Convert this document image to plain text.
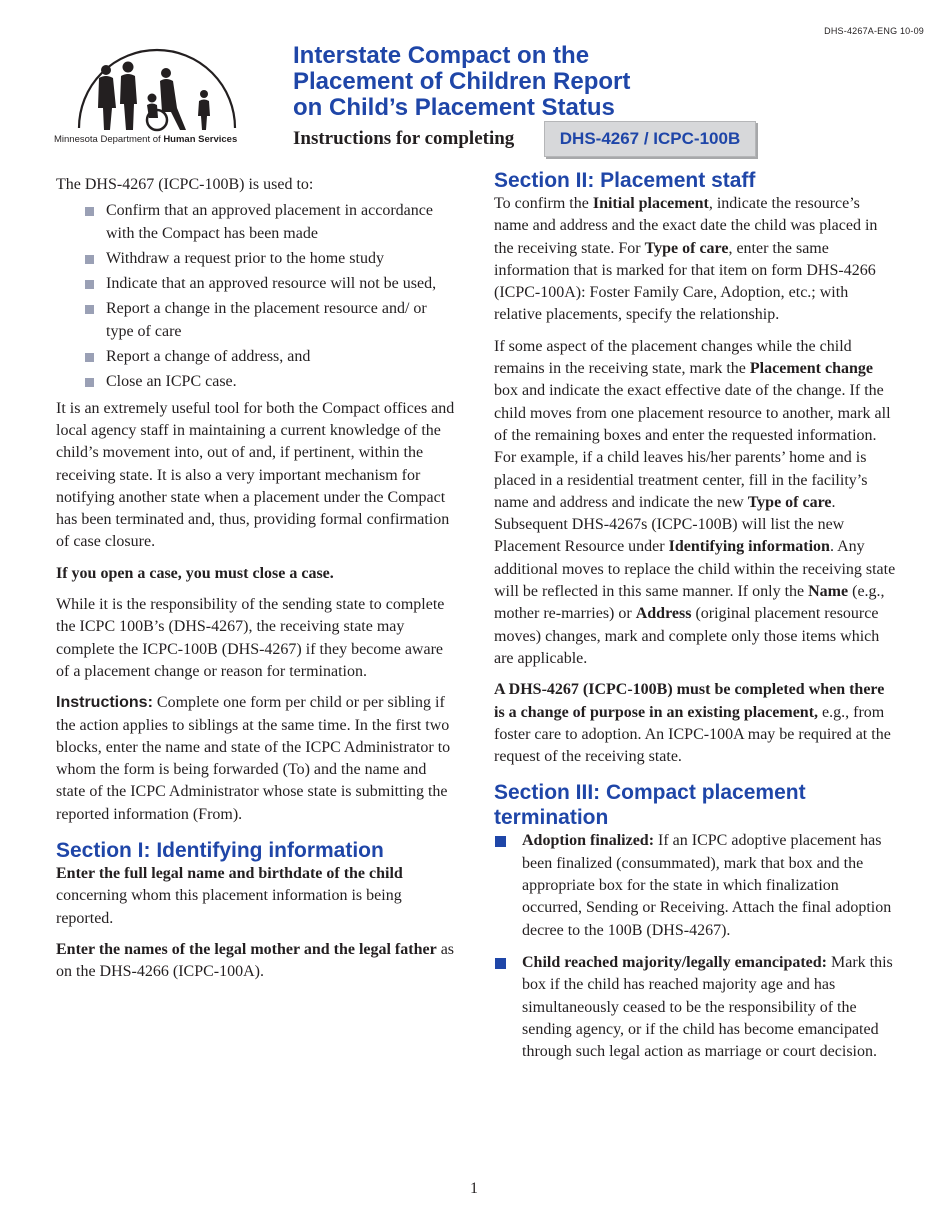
DHS-4267A-ENG 10-09
Minnesota Department of Human Services
Interstate Compact on the
Placement of Children Report
on Child’s Placement Status
Instructions for completing	DHS-4267 / ICPC-100B

The DHS-4267 (ICPC-100B) is used to:

Confirm that an approved placement in accordance with the Compact has been made
Withdraw a request prior to the home study
Indicate that an approved resource will not be used,
Report a change in the placement resource and/ or type of care
Report a change of address, and
Close an ICPC case.

It is an extremely useful tool for both the Compact offices and local agency staff in maintaining a current knowledge of the child’s movement into, out of and, if pertinent, within the receiving state. It is also a very important mechanism for notifying another state when a placement under the Compact has been terminated and, thus, providing formal confirmation of case closure.

If you open a case, you must close a case.

While it is the responsibility of the sending state to complete the ICPC 100B’s (DHS-4267), the receiving state may complete the ICPC-100B (DHS-4267) if they become aware of a placement change or reason for termination.

Instructions: Complete one form per child or per sibling if the action applies to siblings at the same time. In the first two blocks, enter the name and state of the ICPC Administrator to whom the form is being forwarded (To) and the name and state of the ICPC Administrator whose state is submitting the reported information (From).

Section I: Identifying information

Enter the full legal name and birthdate of the child concerning whom this placement information is being reported.

Enter the names of the legal mother and the legal father as on the DHS-4266 (ICPC-100A).

Section II: Placement staff

To confirm the Initial placement, indicate the resource’s name and address and the exact date the child was placed in the receiving state. For Type of care, enter the same information that is marked for that item on form DHS-4266 (ICPC-100A): Foster Family Care, Adoption, etc.; with relative placements, specify the relationship.

If some aspect of the placement changes while the child remains in the receiving state, mark the Placement change box and indicate the exact effective date of the change. If the child moves from one placement resource to another, mark all of the remaining boxes and enter the requested information. For example, if a child leaves his/her parents’ home and is placed in a residential treatment center, fill in the facility’s name and address and indicate the new Type of care. Subsequent DHS-4267s (ICPC-100B) will list the new Placement Resource under Identifying information. Any additional moves to replace the child within the receiving state will be reflected in this same manner. If only the Name (e.g., mother re-marries) or Address (original placement resource moves) changes, mark and complete only those items which are applicable.

A DHS-4267 (ICPC-100B) must be completed when there is a change of purpose in an existing placement, e.g., from foster care to adoption. An ICPC-100A may be required at the request of the receiving state.

Section III: Compact placement termination
Adoption finalized: If an ICPC adoptive placement has been finalized (consummated), mark that box and the appropriate box for the state in which finalization occurred, Sending or Receiving. Attach the final adoption decree to the 100B (DHS-4267).
Child reached majority/legally emancipated: Mark this box if the child has reached majority age and has simultaneously ceased to be the responsibility of the sending agency, or if the child has become emancipated through such legal action as marriage or court decision.
1
